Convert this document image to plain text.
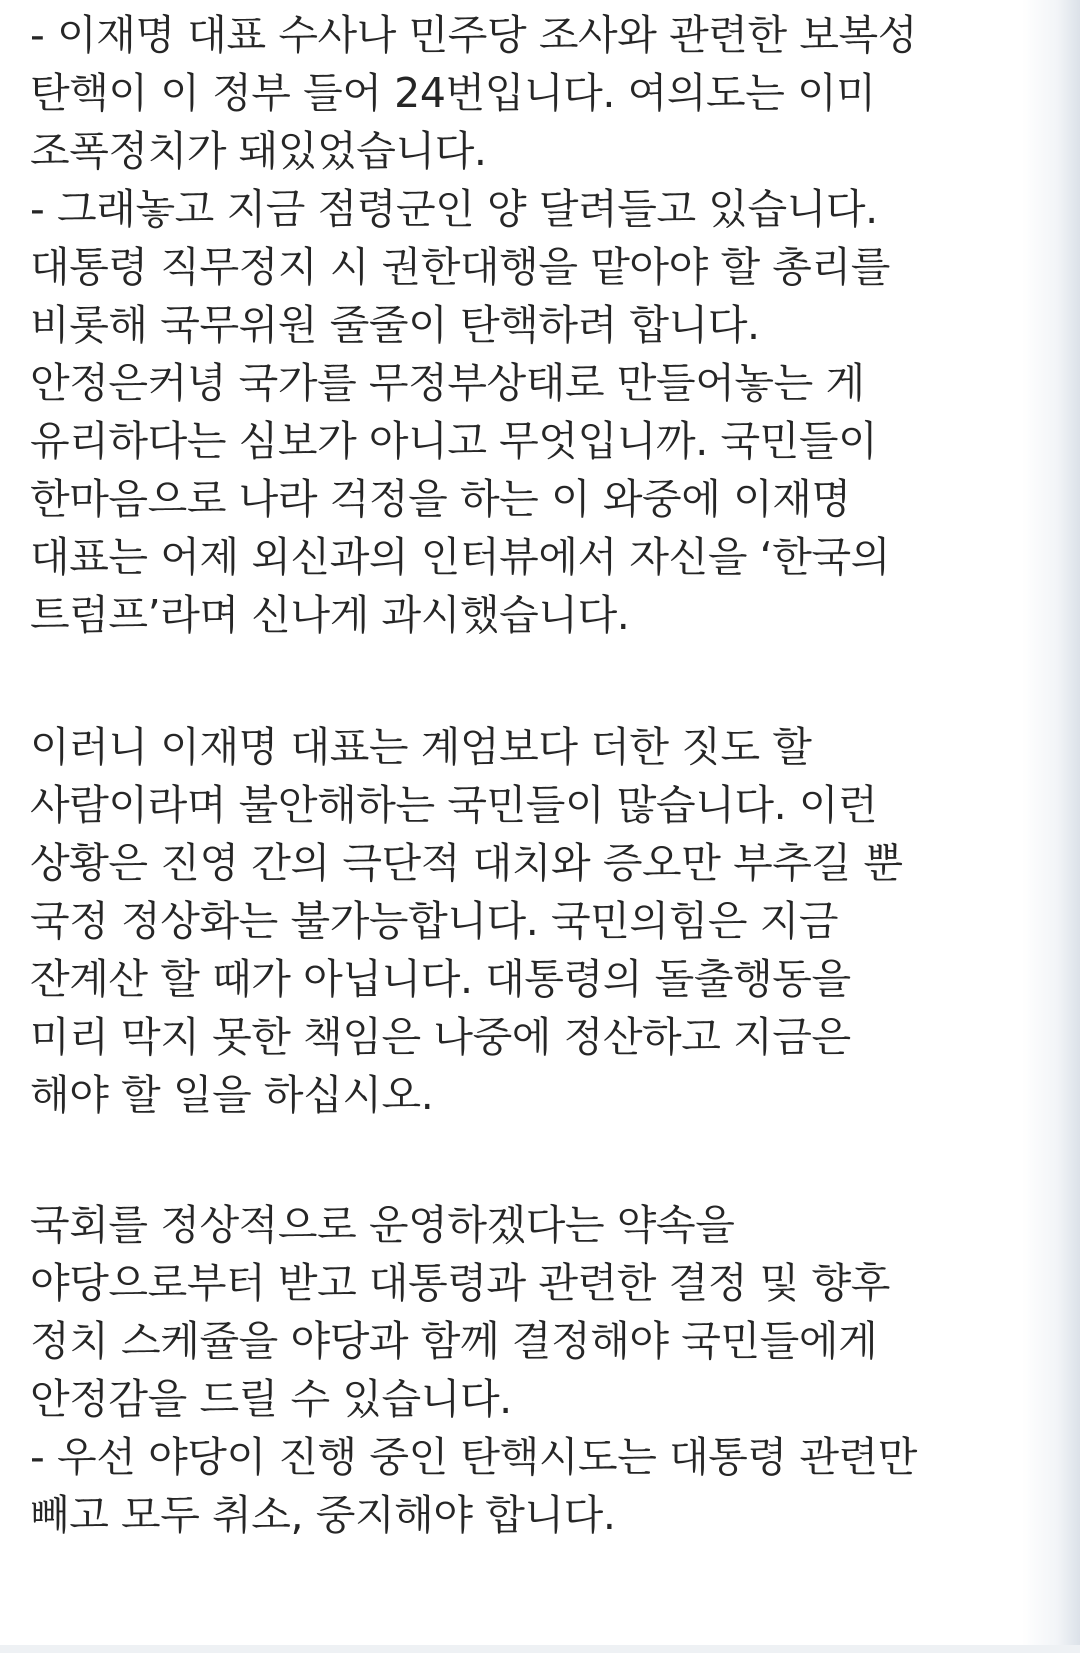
- 이재명 대표 수사나 민주당 조사와 관련한 보복성
탄핵이 이 정부 들어 24번입니다. 여의도는 이미
조폭정치가 돼있었습니다.
- 그래놓고 지금 점령군인 양 달려들고 있습니다.
대통령 직무정지 시 권한대행을 맡아야 할 총리를
비롯해 국무위원 줄줄이 탄핵하려 합니다.
안정은커녕 국가를 무정부상태로 만들어놓는 게
유리하다는 심보가 아니고 무엇입니까. 국민들이
한마음으로 나라 걱정을 하는 이 와중에 이재명
대표는 어제 외신과의 인터뷰에서 자신을 ‘한국의
트럼프’라며 신나게 과시했습니다.
이러니 이재명 대표는 계엄보다 더한 짓도 할
사람이라며 불안해하는 국민들이 많습니다. 이런
상황은 진영 간의 극단적 대치와 증오만 부추길 뿐
국정 정상화는 불가능합니다. 국민의힘은 지금
잔계산 할 때가 아닙니다. 대통령의 돌출행동을
미리 막지 못한 책임은 나중에 정산하고 지금은
해야 할 일을 하십시오.
국회를 정상적으로 운영하겠다는 약속을
야당으로부터 받고 대통령과 관련한 결정 및 향후
정치 스케쥴을 야당과 함께 결정해야 국민들에게
안정감을 드릴 수 있습니다.
- 우선 야당이 진행 중인 탄핵시도는 대통령 관련만
빼고 모두 취소, 중지해야 합니다.
